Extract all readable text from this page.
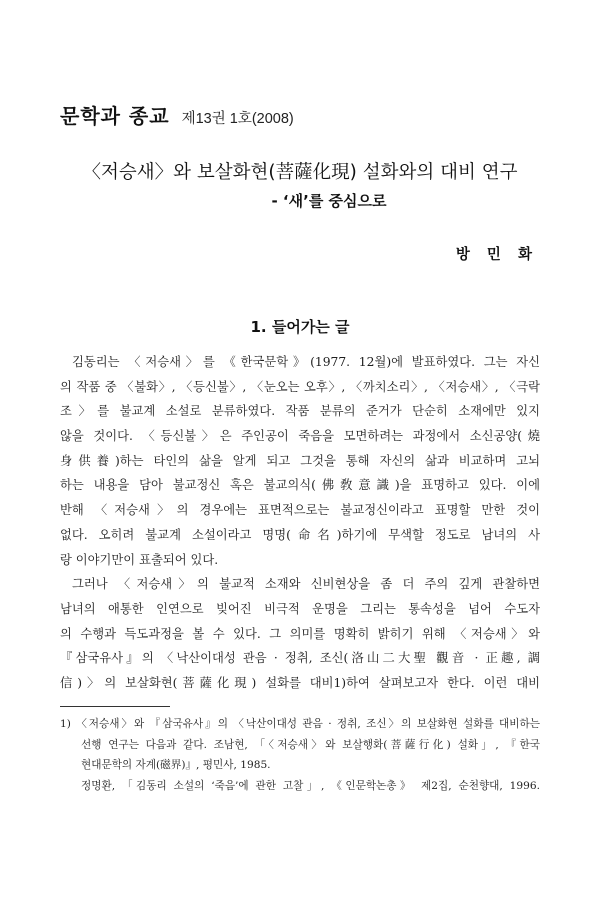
문학과 종교 제13권 1호(2008)
〈저승새〉와 보살화현(菩薩化現) 설화와의 대비 연구
- ‘새’를 중심으로
방 민 화
1. 들어가는 글
김동리는 〈저승새〉를 《한국문학》(1977. 12월)에 발표하였다. 그는 자신
의 작품 중 〈불화〉, 〈등신불〉, 〈눈오는 오후〉, 〈까치소리〉, 〈저승새〉, 〈극락
조〉를 불교계 소설로 분류하였다. 작품 분류의 준거가 단순히 소재에만 있지
않을 것이다. 〈등신불〉은 주인공이 죽음을 모면하려는 과정에서 소신공양(燒
身供養)하는 타인의 삶을 알게 되고 그것을 통해 자신의 삶과 비교하며 고뇌
하는 내용을 담아 불교정신 혹은 불교의식(佛敎意識)을 표명하고 있다. 이에
반해 〈저승새〉의 경우에는 표면적으로는 불교정신이라고 표명할 만한 것이
없다. 오히려 불교계 소설이라고 명명(命名)하기에 무색할 정도로 남녀의 사
랑 이야기만이 표출되어 있다.
그러나 〈저승새〉의 불교적 소재와 신비현상을 좀 더 주의 깊게 관찰하면
남녀의 애통한 인연으로 빚어진 비극적 운명을 그리는 통속성을 넘어 수도자
의 수행과 득도과정을 볼 수 있다. 그 의미를 명확히 밝히기 위해 〈저승새〉와
『삼국유사』의 〈낙산이대성 관음 · 정취, 조신(洛山二大聖 觀音 · 正趣, 調
信)〉의 보살화현(菩薩化現) 설화를 대비1)하여 살펴보고자 한다. 이런 대비
1) 〈저승새〉와 『삼국유사』의 〈낙산이대성 관음 · 정취, 조신〉의 보살화현 설화를 대비하는
선행 연구는 다음과 같다. 조남현, 「〈저승새〉와 보살행화(菩薩行化) 설화」, 『한국
현대문학의 자계(磁界)』, 평민사, 1985.
정명환, 「김동리 소설의 ‘죽음’에 관한 고찰」, 《인문학논총》 제2집, 순천향대, 1996.
